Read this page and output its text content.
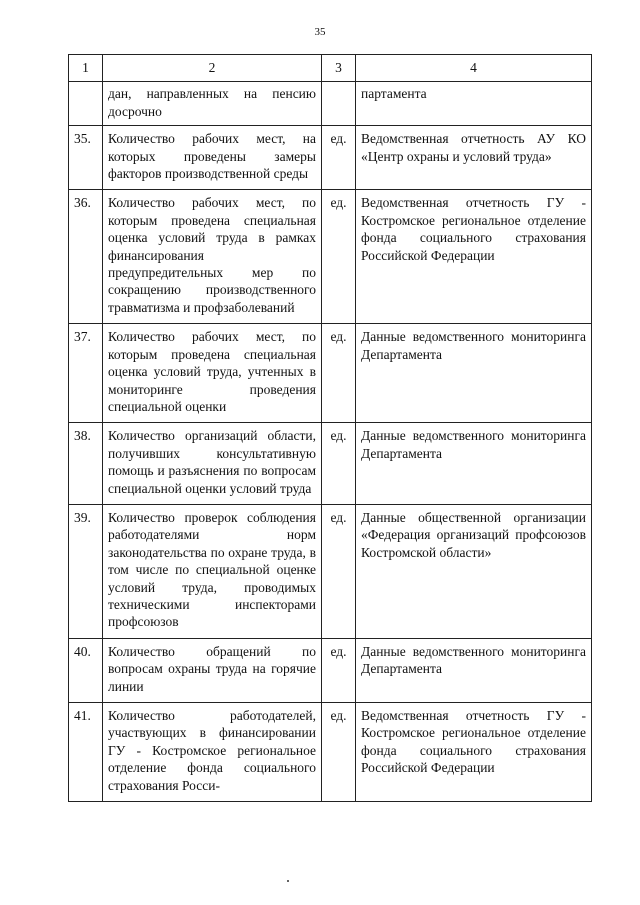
35
1	2	3	4
	дан, направленных на пенсию досрочно		партамента
35.	Количество рабочих мест, на которых проведены замеры факторов производственной среды	ед.	Ведомственная отчетность АУ КО «Центр охраны и условий труда»
36.	Количество рабочих мест, по которым проведена специальная оценка условий труда в рамках финансирования предупредительных мер по сокращению производственного травматизма и профзаболеваний	ед.	Ведомственная отчетность ГУ - Костромское региональное отделение фонда социального страхования Российской Федерации
37.	Количество рабочих мест, по которым проведена специальная оценка условий труда, учтенных в мониторинге проведения специальной оценки	ед.	Данные ведомственного мониторинга Департамента
38.	Количество организаций области, получивших консультативную помощь и разъяснения по вопросам специальной оценки условий труда	ед.	Данные ведомственного мониторинга Департамента
39.	Количество проверок соблюдения работодателями норм законодательства по охране труда, в том числе по специальной оценке условий труда, проводимых техническими инспекторами профсоюзов	ед.	Данные общественной организации «Федерация организаций профсоюзов Костромской области»
40.	Количество обращений по вопросам охраны труда на горячие линии	ед.	Данные ведомственного мониторинга Департамента
41.	Количество работодателей, участвующих в финансировании ГУ - Костромское региональное отделение фонда социального страхования Росси-	ед.	Ведомственная отчетность ГУ - Костромское региональное отделение фонда социального страхования Российской Федерации
